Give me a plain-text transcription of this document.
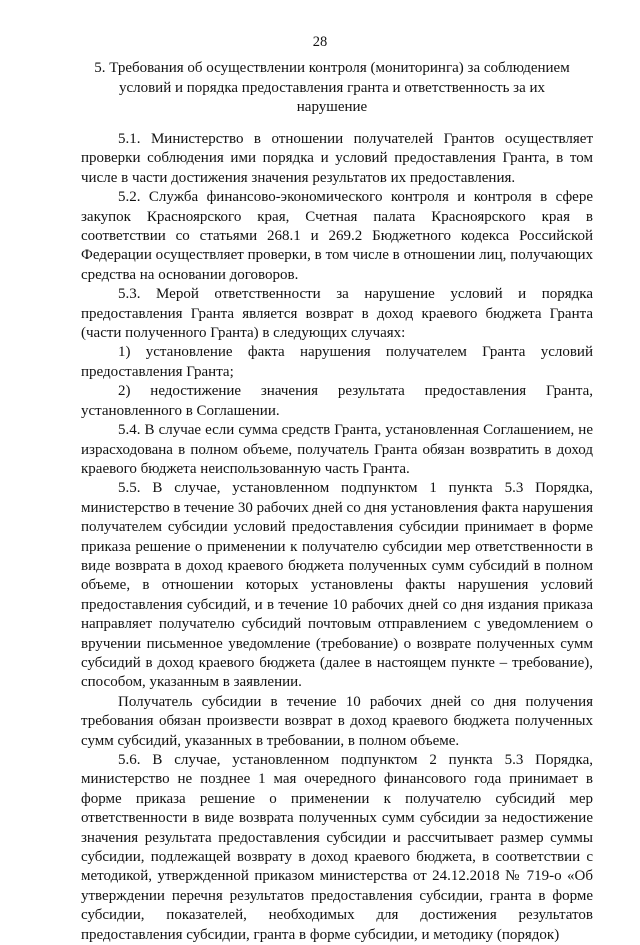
28
5. Требования об осуществлении контроля (мониторинга) за соблюдением условий и порядка предоставления гранта и ответственность за их нарушение

5.1. Министерство в отношении получателей Грантов осуществляет проверки соблюдения ими порядка и условий предоставления Гранта, в том числе в части достижения значения результатов их предоставления.

5.2. Служба финансово-экономического контроля и контроля в сфере закупок Красноярского края, Счетная палата Красноярского края в соответствии со статьями 268.1 и 269.2 Бюджетного кодекса Российской Федерации осуществляет проверки, в том числе в отношении лиц, получающих средства на основании договоров.

5.3. Мерой ответственности за нарушение условий и порядка предоставления Гранта является возврат в доход краевого бюджета Гранта (части полученного Гранта) в следующих случаях:

1) установление факта нарушения получателем Гранта условий предоставления Гранта;

2) недостижение значения результата предоставления Гранта, установленного в Соглашении.

5.4. В случае если сумма средств Гранта, установленная Соглашением, не израсходована в полном объеме, получатель Гранта обязан возвратить в доход краевого бюджета неиспользованную часть Гранта.

5.5. В случае, установленном подпунктом 1 пункта 5.3 Порядка, министерство в течение 30 рабочих дней со дня установления факта нарушения получателем субсидии условий предоставления субсидии принимает в форме приказа решение о применении к получателю субсидии мер ответственности в виде возврата в доход краевого бюджета полученных сумм субсидий в полном объеме, в отношении которых установлены факты нарушения условий предоставления субсидий, и в течение 10 рабочих дней со дня издания приказа направляет получателю субсидий почтовым отправлением с уведомлением о вручении письменное уведомление (требование) о возврате полученных сумм субсидий в доход краевого бюджета (далее в настоящем пункте – требование), способом, указанным в заявлении.

Получатель субсидии в течение 10 рабочих дней со дня получения требования обязан произвести возврат в доход краевого бюджета полученных сумм субсидий, указанных в требовании, в полном объеме.

5.6. В случае, установленном подпунктом 2 пункта 5.3 Порядка, министерство не позднее 1 мая очередного финансового года принимает в форме приказа решение о применении к получателю субсидий мер ответственности в виде возврата полученных сумм субсидии за недостижение значения результата предоставления субсидии и рассчитывает размер суммы субсидии, подлежащей возврату в доход краевого бюджета, в соответствии с методикой, утвержденной приказом министерства от 24.12.2018 № 719-о «Об утверждении перечня результатов предоставления субсидии, гранта в форме субсидии, показателей, необходимых для достижения результатов предоставления субсидии, гранта в форме субсидии, и методику (порядок)
